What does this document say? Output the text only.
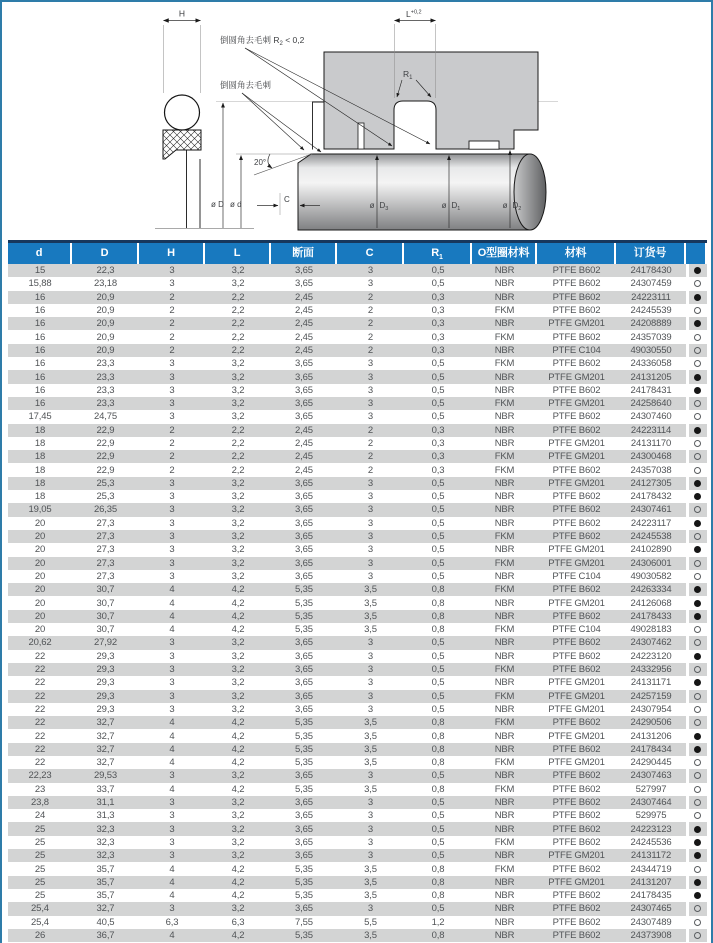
H	$L^{+0,2}$
$R_1$
倒圆角去毛刺 $R_2 < 0,2$
倒圆角去毛刺
20°
C
ø D ø d	ø $D_3$	ø $D_1$	ø $D_2$
d	D	H	L	断面	C	R 1	O型圈材料	材料	订货号
15	22,3	3	3,2	3,65	3	0,5	NBR	PTFE B602	24178430
15,88	23,18	3	3,2	3,65	3	0,5	NBR	PTFE B602	24307459
16	20,9	2	2,2	2,45	2	0,3	NBR	PTFE B602	24223111
16	20,9	2	2,2	2,45	2	0,3	FKM	PTFE B602	24245539
16	20,9	2	2,2	2,45	2	0,3	NBR	PTFE GM201	24208889
16	20,9	2	2,2	2,45	2	0,3	FKM	PTFE B602	24357039
16	20,9	2	2,2	2,45	2	0,3	NBR	PTFE C104	49030550
16	23,3	3	3,2	3,65	3	0,5	FKM	PTFE B602	24336058
16	23,3	3	3,2	3,65	3	0,5	NBR	PTFE GM201	24131205
16	23,3	3	3,2	3,65	3	0,5	NBR	PTFE B602	24178431
16	23,3	3	3,2	3,65	3	0,5	FKM	PTFE GM201	24258640
17,45	24,75	3	3,2	3,65	3	0,5	NBR	PTFE B602	24307460
18	22,9	2	2,2	2,45	2	0,3	NBR	PTFE B602	24223114
18	22,9	2	2,2	2,45	2	0,3	NBR	PTFE GM201	24131170
18	22,9	2	2,2	2,45	2	0,3	FKM	PTFE GM201	24300468
18	22,9	2	2,2	2,45	2	0,3	FKM	PTFE B602	24357038
18	25,3	3	3,2	3,65	3	0,5	NBR	PTFE GM201	24127305
18	25,3	3	3,2	3,65	3	0,5	NBR	PTFE B602	24178432
19,05	26,35	3	3,2	3,65	3	0,5	NBR	PTFE B602	24307461
20	27,3	3	3,2	3,65	3	0,5	NBR	PTFE B602	24223117
20	27,3	3	3,2	3,65	3	0,5	FKM	PTFE B602	24245538
20	27,3	3	3,2	3,65	3	0,5	NBR	PTFE GM201	24102890
20	27,3	3	3,2	3,65	3	0,5	FKM	PTFE GM201	24306001
20	27,3	3	3,2	3,65	3	0,5	NBR	PTFE C104	49030582
20	30,7	4	4,2	5,35	3,5	0,8	FKM	PTFE B602	24263334
20	30,7	4	4,2	5,35	3,5	0,8	NBR	PTFE GM201	24126068
20	30,7	4	4,2	5,35	3,5	0,8	NBR	PTFE B602	24178433
20	30,7	4	4,2	5,35	3,5	0,8	FKM	PTFE C104	49028183
20,62	27,92	3	3,2	3,65	3	0,5	NBR	PTFE B602	24307462
22	29,3	3	3,2	3,65	3	0,5	NBR	PTFE B602	24223120
22	29,3	3	3,2	3,65	3	0,5	FKM	PTFE B602	24332956
22	29,3	3	3,2	3,65	3	0,5	NBR	PTFE GM201	24131171
22	29,3	3	3,2	3,65	3	0,5	FKM	PTFE GM201	24257159
22	29,3	3	3,2	3,65	3	0,5	NBR	PTFE GM201	24307954
22	32,7	4	4,2	5,35	3,5	0,8	FKM	PTFE B602	24290506
22	32,7	4	4,2	5,35	3,5	0,8	NBR	PTFE GM201	24131206
22	32,7	4	4,2	5,35	3,5	0,8	NBR	PTFE B602	24178434
22	32,7	4	4,2	5,35	3,5	0,8	FKM	PTFE GM201	24290445
22,23	29,53	3	3,2	3,65	3	0,5	NBR	PTFE B602	24307463
23	33,7	4	4,2	5,35	3,5	0,8	FKM	PTFE B602	527997
23,8	31,1	3	3,2	3,65	3	0,5	NBR	PTFE B602	24307464
24	31,3	3	3,2	3,65	3	0,5	NBR	PTFE B602	529975
25	32,3	3	3,2	3,65	3	0,5	NBR	PTFE B602	24223123
25	32,3	3	3,2	3,65	3	0,5	FKM	PTFE B602	24245536
25	32,3	3	3,2	3,65	3	0,5	NBR	PTFE GM201	24131172
25	35,7	4	4,2	5,35	3,5	0,8	FKM	PTFE B602	24344719
25	35,7	4	4,2	5,35	3,5	0,8	NBR	PTFE GM201	24131207
25	35,7	4	4,2	5,35	3,5	0,8	NBR	PTFE B602	24178435
25,4	32,7	3	3,2	3,65	3	0,5	NBR	PTFE B602	24307465
25,4	40,5	6,3	6,3	7,55	5,5	1,2	NBR	PTFE B602	24307489
26	36,7	4	4,2	5,35	3,5	0,8	NBR	PTFE B602	24373908
